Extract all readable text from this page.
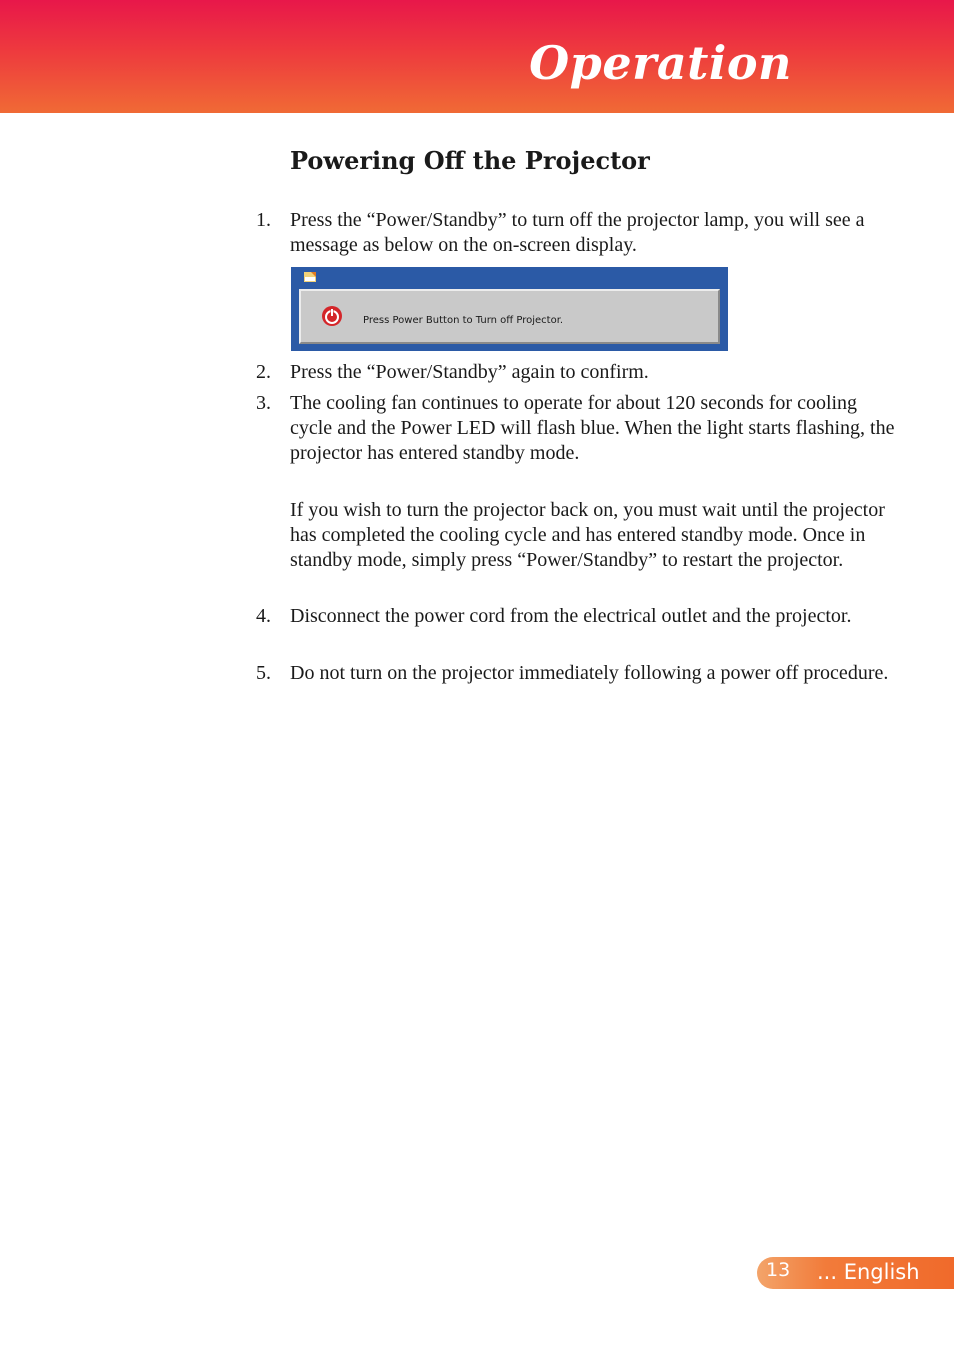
Operation
Powering Off the Projector
1. Press the “Power/Standby” to turn off the projector lamp, you will see a message as below on the on-screen display.
Press Power Button to Turn off Projector.
2. Press the “Power/Standby” again to confirm.
3. The cooling fan continues to operate for about 120 seconds for cooling cycle and the Power LED will flash blue. When the light starts flashing, the projector has entered standby mode.
If you wish to turn the projector back on, you must wait until the projector has completed the cooling cycle and has entered standby mode. Once in standby mode, simply press “Power/Standby” to restart the projector.
4. Disconnect the power cord from the electrical outlet and the projector.
5. Do not turn on the projector immediately following a power off procedure.
13 ... English
